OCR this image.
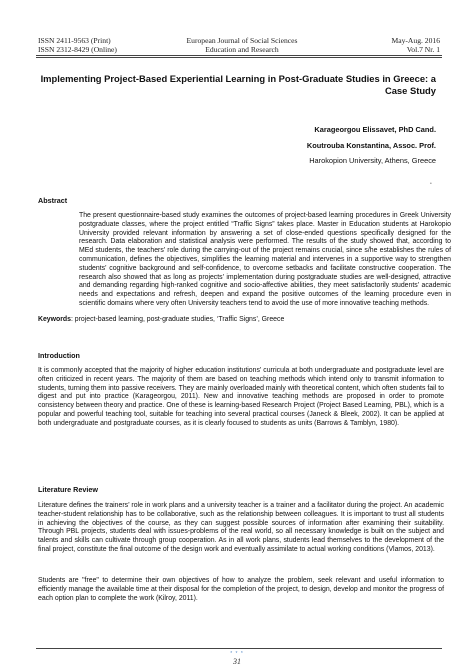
ISSN 2411-9563 (Print)
ISSN 2312-8429 (Online)
European Journal of Social Sciences
Education and Research
May-Aug. 2016
Vol.7 Nr. 1
Implementing Project-Based Experiential Learning in Post-Graduate Studies in Greece: a
Case Study
Karageorgou Elissavet, PhD Cand.
Koutrouba Konstantina, Assoc. Prof.
Harokopion University, Athens, Greece
•
Abstract
The present questionnaire-based study examines the outcomes of project-based learning procedures in Greek University postgraduate classes, where the project entitled “Traffic Signs” takes place. Master in Education students at Harokopio University provided relevant information by answering a set of close-ended questions specifically designed for the research. Data elaboration and statistical analysis were performed. The results of the study showed that, according to MEd students, the teachers’ role during the carrying-out of the project remains crucial, since s/he establishes the rules of communication, defines the objectives, simplifies the learning material and intervenes in a supportive way to strengthen students’ cognitive background and self-confidence, to overcome setbacks and facilitate constructive cooperation. The research also showed that as long as projects’ implementation during postgraduate studies are well-designed, attractive and demanding regarding high-ranked cognitive and socio-affective abilities, they meet satisfactorily students’ academic needs and expectations and refresh, deepen and expand the positive outcomes of the learning procedure even in scientific domains where very often University teachers tend to avoid the use of more innovative teaching methods.
Keywords: project-based learning, post-graduate studies, ‘Traffic Signs’, Greece
Introduction
It is commonly accepted that the majority of higher education institutions’ curricula at both undergraduate and postgraduate level are often criticized in recent years. The majority of them are based on teaching methods which intend only to transmit information to students, turning them into passive receivers. They are mainly overloaded mainly with theoretical content, which often students fail to digest and put into practice (Karageorgou, 2011). New and innovative teaching methods are proposed in order to promote consistency between theory and practice. One of these is learning-based Research Project (Project Based Learning, PBL), which is a popular and powerful teaching tool, suitable for teaching into several practical courses (Janeck & Bleek, 2002). It can be applied at both undergraduate and postgraduate courses, as it is clearly focused to students as units (Barrows & Tamblyn, 1980).
Literature Review
Literature defines the trainers’ role in work plans and a university teacher is a trainer and a facilitator during the project. An academic teacher-student relationship has to be collaborative, such as the relationship between colleagues. It is important to trust all students in achieving the objectives of the course, as they can suggest possible sources of information after examining their suitability. Through PBL projects, students deal with issues-problems of the real world, so all necessary knowledge is built on the subject and talents and skills can cultivate through group cooperation. As in all work plans, students lead themselves to the development of the final project, constitute the final outcome of the design work and eventually assimilate to actual working conditions (Vlamos, 2013).
Students are "free" to determine their own objectives of how to analyze the problem, seek relevant and useful information to efficiently manage the available time at their disposal for the completion of the project, to design, develop and monitor the progress of each option plan to complete the work (Kilroy, 2011).
* * *
31
